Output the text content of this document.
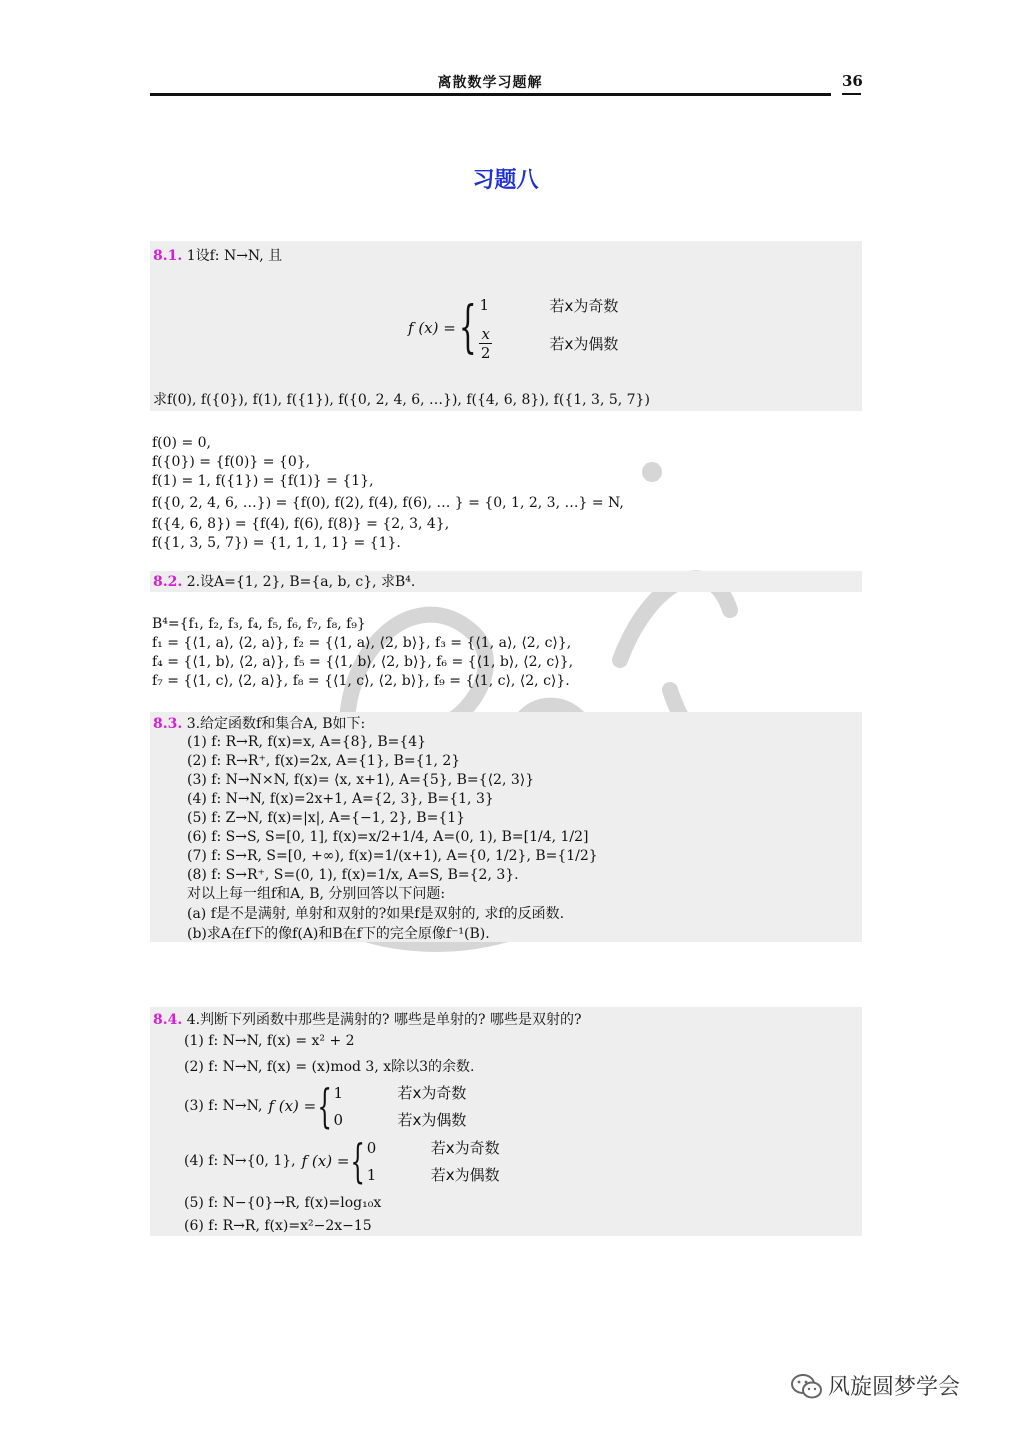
离散数学习题解	36
习题八
8.1. 1设f: N→N, 且
f (x) = { 1	若x为奇数
$\frac{x}{2}$	若x为偶数
求f(0), f({0}), f(1), f({1}), f({0, 2, 4, 6, …}), f({4, 6, 8}), f({1, 3, 5, 7})
f(0) = 0,
f({0}) = {f(0)} = {0},
f(1) = 1, f({1}) = {f(1)} = {1},
f({0, 2, 4, 6, …}) = {f(0), f(2), f(4), f(6), … } = {0, 1, 2, 3, …} = N,
f({4, 6, 8}) = {f(4), f(6), f(8)} = {2, 3, 4},
f({1, 3, 5, 7}) = {1, 1, 1, 1} = {1}.
8.2. 2.设A={1, 2}, B={a, b, c}, 求B⁴.
B⁴={f₁, f₂, f₃, f₄, f₅, f₆, f₇, f₈, f₉}
f₁ = {⟨1, a⟩, ⟨2, a⟩}, f₂ = {⟨1, a⟩, ⟨2, b⟩}, f₃ = {⟨1, a⟩, ⟨2, c⟩},
f₄ = {⟨1, b⟩, ⟨2, a⟩}, f₅ = {⟨1, b⟩, ⟨2, b⟩}, f₆ = {⟨1, b⟩, ⟨2, c⟩},
f₇ = {⟨1, c⟩, ⟨2, a⟩}, f₈ = {⟨1, c⟩, ⟨2, b⟩}, f₉ = {⟨1, c⟩, ⟨2, c⟩}.
8.3. 3.给定函数f和集合A, B如下:
(1) f: R→R, f(x)=x, A={8}, B={4}
(2) f: R→R⁺, f(x)=2x, A={1}, B={1, 2}
(3) f: N→N×N, f(x)= ⟨x, x+1⟩, A={5}, B={⟨2, 3⟩}
(4) f: N→N, f(x)=2x+1, A={2, 3}, B={1, 3}
(5) f: Z→N, f(x)=|x|, A={−1, 2}, B={1}
(6) f: S→S, S=[0, 1], f(x)=x/2+1/4, A=(0, 1), B=[1/4, 1/2]
(7) f: S→R, S=[0, +∞), f(x)=1/(x+1), A={0, 1/2}, B={1/2}
(8) f: S→R⁺, S=(0, 1), f(x)=1/x, A=S, B={2, 3}.
对以上每一组f和A, B, 分别回答以下问题:
(a) f是不是满射, 单射和双射的?如果f是双射的, 求f的反函数.
(b)求A在f下的像f(A)和B在f下的完全原像f⁻¹(B).
8.4. 4.判断下列函数中那些是满射的? 哪些是单射的? 哪些是双射的?
(1) f: N→N, f(x) = x² + 2
(2) f: N→N, f(x) = (x)mod 3, x除以3的余数.
(3) f: N→N, f (x) = { 1	若x为奇数
0	若x为偶数
(4) f: N→{0, 1}, f (x) = { 0	若x为奇数
1	若x为偶数
(5) f: N−{0}→R, f(x)=log₁₀x
(6) f: R→R, f(x)=x²−2x−15
风旋圆梦学会
